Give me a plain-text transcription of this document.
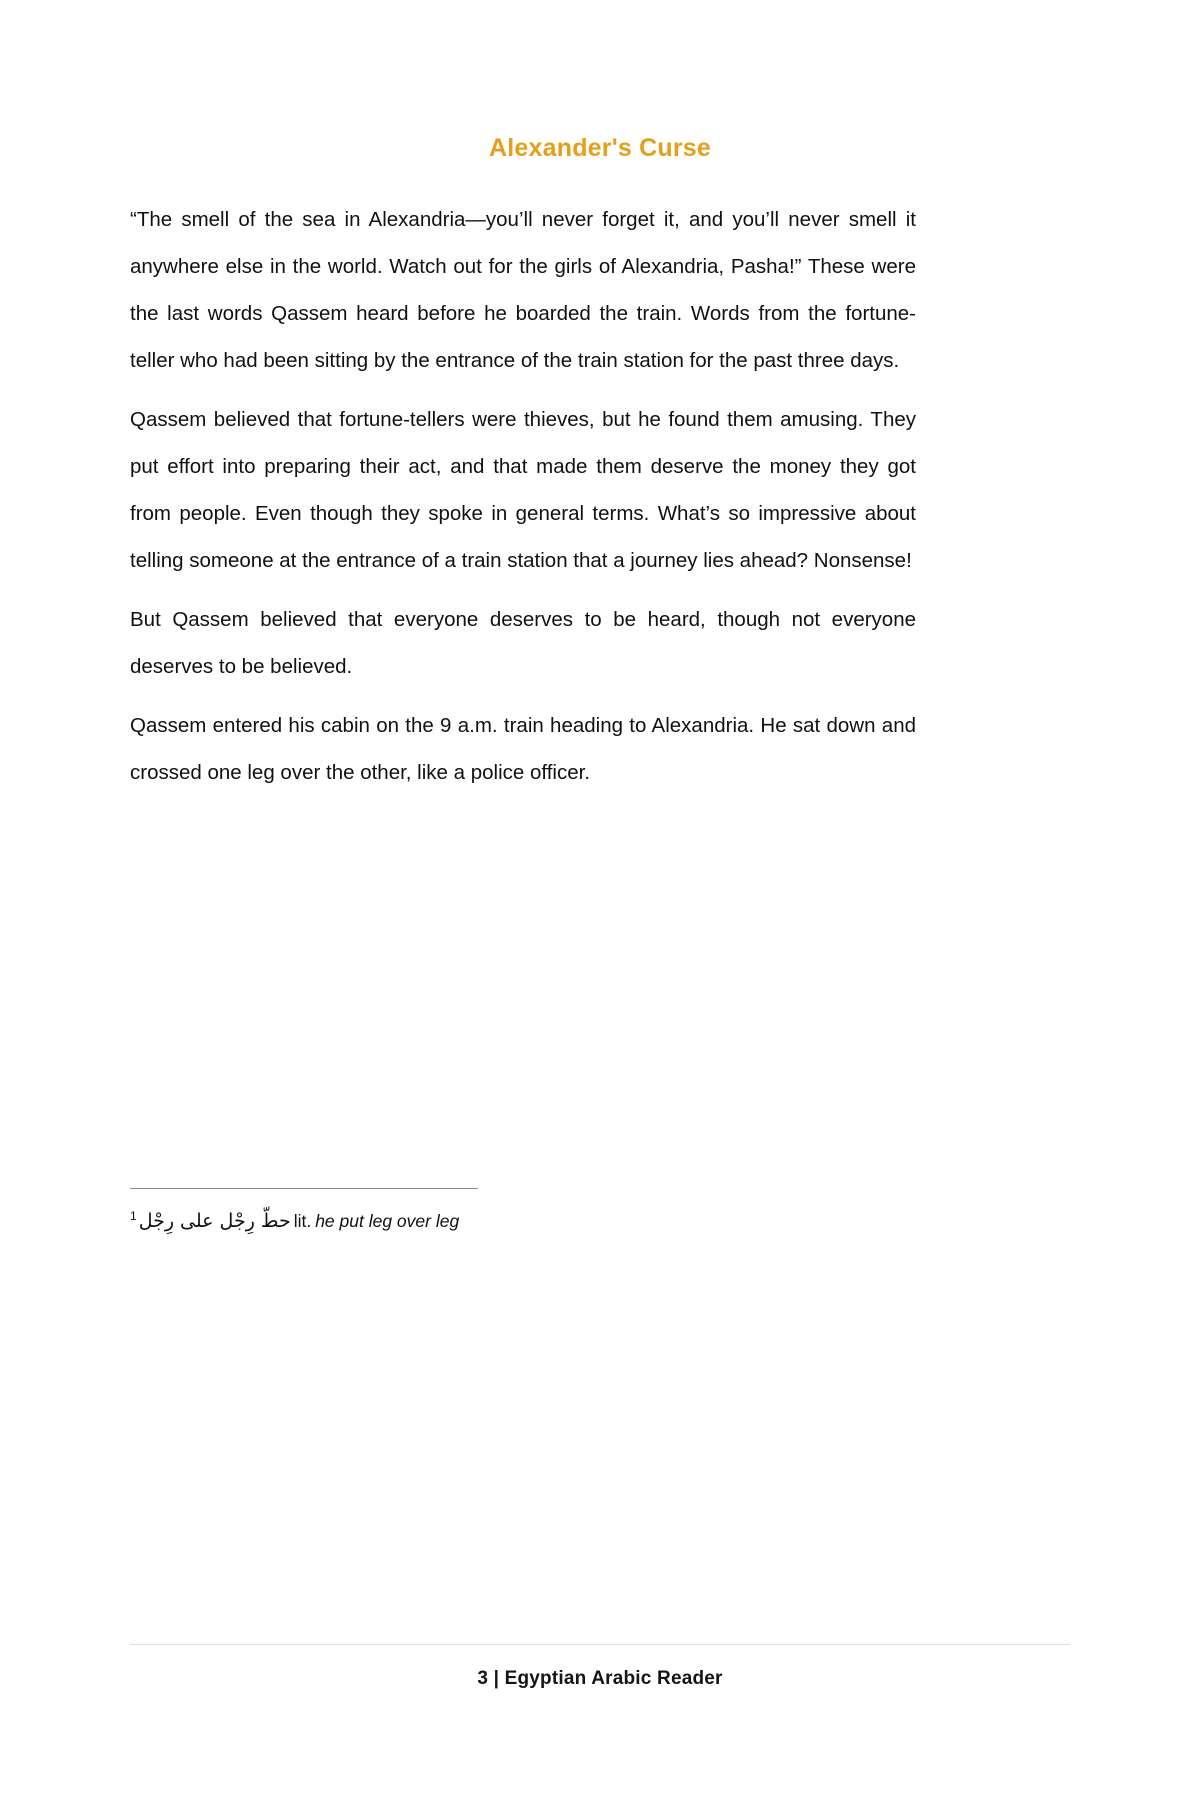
Alexander's Curse

“The smell of the sea in Alexandria—you’ll never forget it, and you’ll never smell it anywhere else in the world. Watch out for the girls of Alexandria, Pasha!” These were the last words Qassem heard before he boarded the train. Words from the fortune-teller who had been sitting by the entrance of the train station for the past three days.

Qassem believed that fortune-tellers were thieves, but he found them amusing. They put effort into preparing their act, and that made them deserve the money they got from people. Even though they spoke in general terms. What’s so impressive about telling someone at the entrance of a train station that a journey lies ahead? Nonsense!

But Qassem believed that everyone deserves to be heard, though not everyone deserves to be believed.

Qassem entered his cabin on the 9 a.m. train heading to Alexandria. He sat down and crossed one leg over the other, like a police officer.

$^1$	حط رجل على رجل	lit. he put leg over leg
3 | Egyptian Arabic Reader
